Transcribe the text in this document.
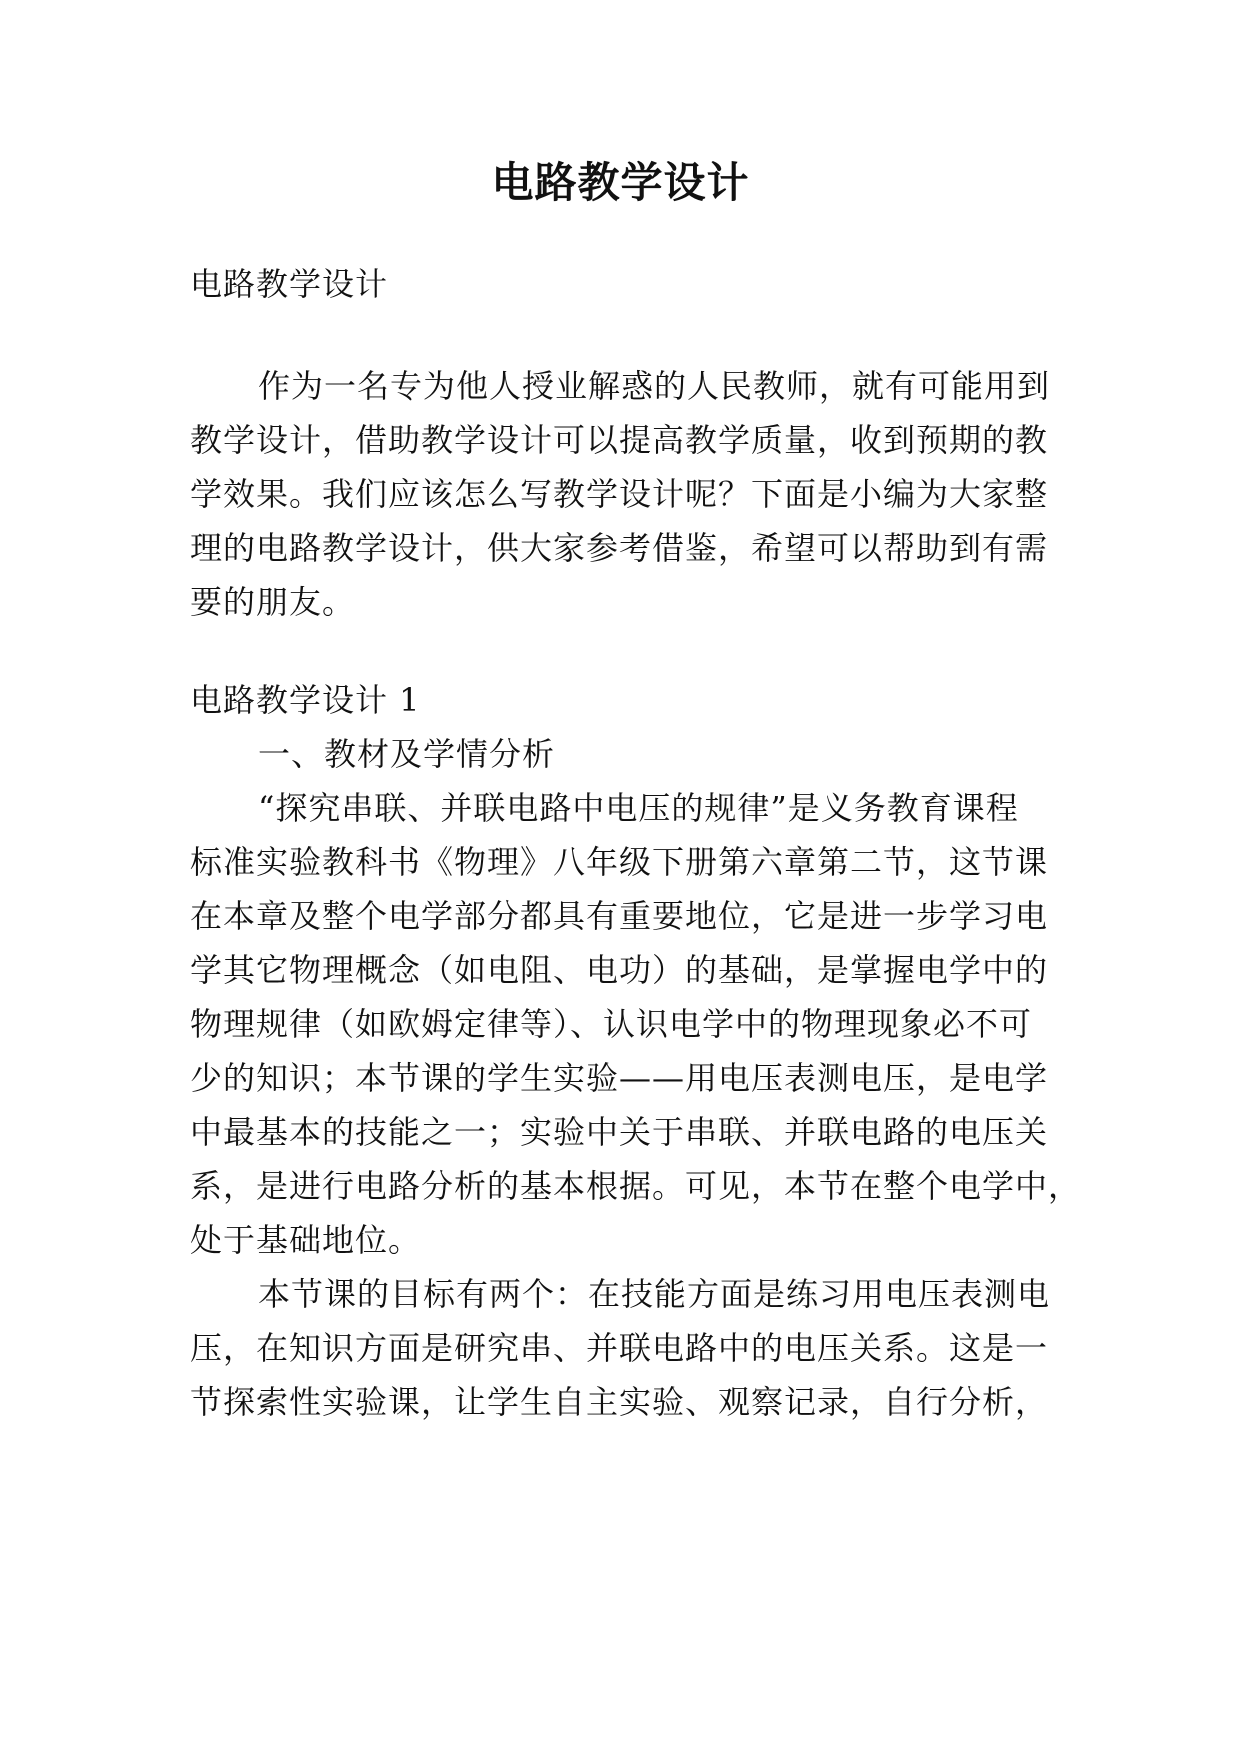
电路教学设计
电路教学设计
作为一名专为他人授业解惑的人民教师，就有可能用到
教学设计，借助教学设计可以提高教学质量，收到预期的教
学效果。我们应该怎么写教学设计呢？下面是小编为大家整
理的电路教学设计，供大家参考借鉴，希望可以帮助到有需
要的朋友。
电路教学设计 1
一、教材及学情分析
“探究串联、并联电路中电压的规律”是义务教育课程
标准实验教科书《物理》八年级下册第六章第二节，这节课
在本章及整个电学部分都具有重要地位，它是进一步学习电
学其它物理概念（如电阻、电功）的基础，是掌握电学中的
物理规律（如欧姆定律等）、认识电学中的物理现象必不可
少的知识；本节课的学生实验——用电压表测电压，是电学
中最基本的技能之一；实验中关于串联、并联电路的电压关
系，是进行电路分析的基本根据。可见，本节在整个电学中，
处于基础地位。
本节课的目标有两个：在技能方面是练习用电压表测电
压，在知识方面是研究串、并联电路中的电压关系。这是一
节探索性实验课，让学生自主实验、观察记录，自行分析，
